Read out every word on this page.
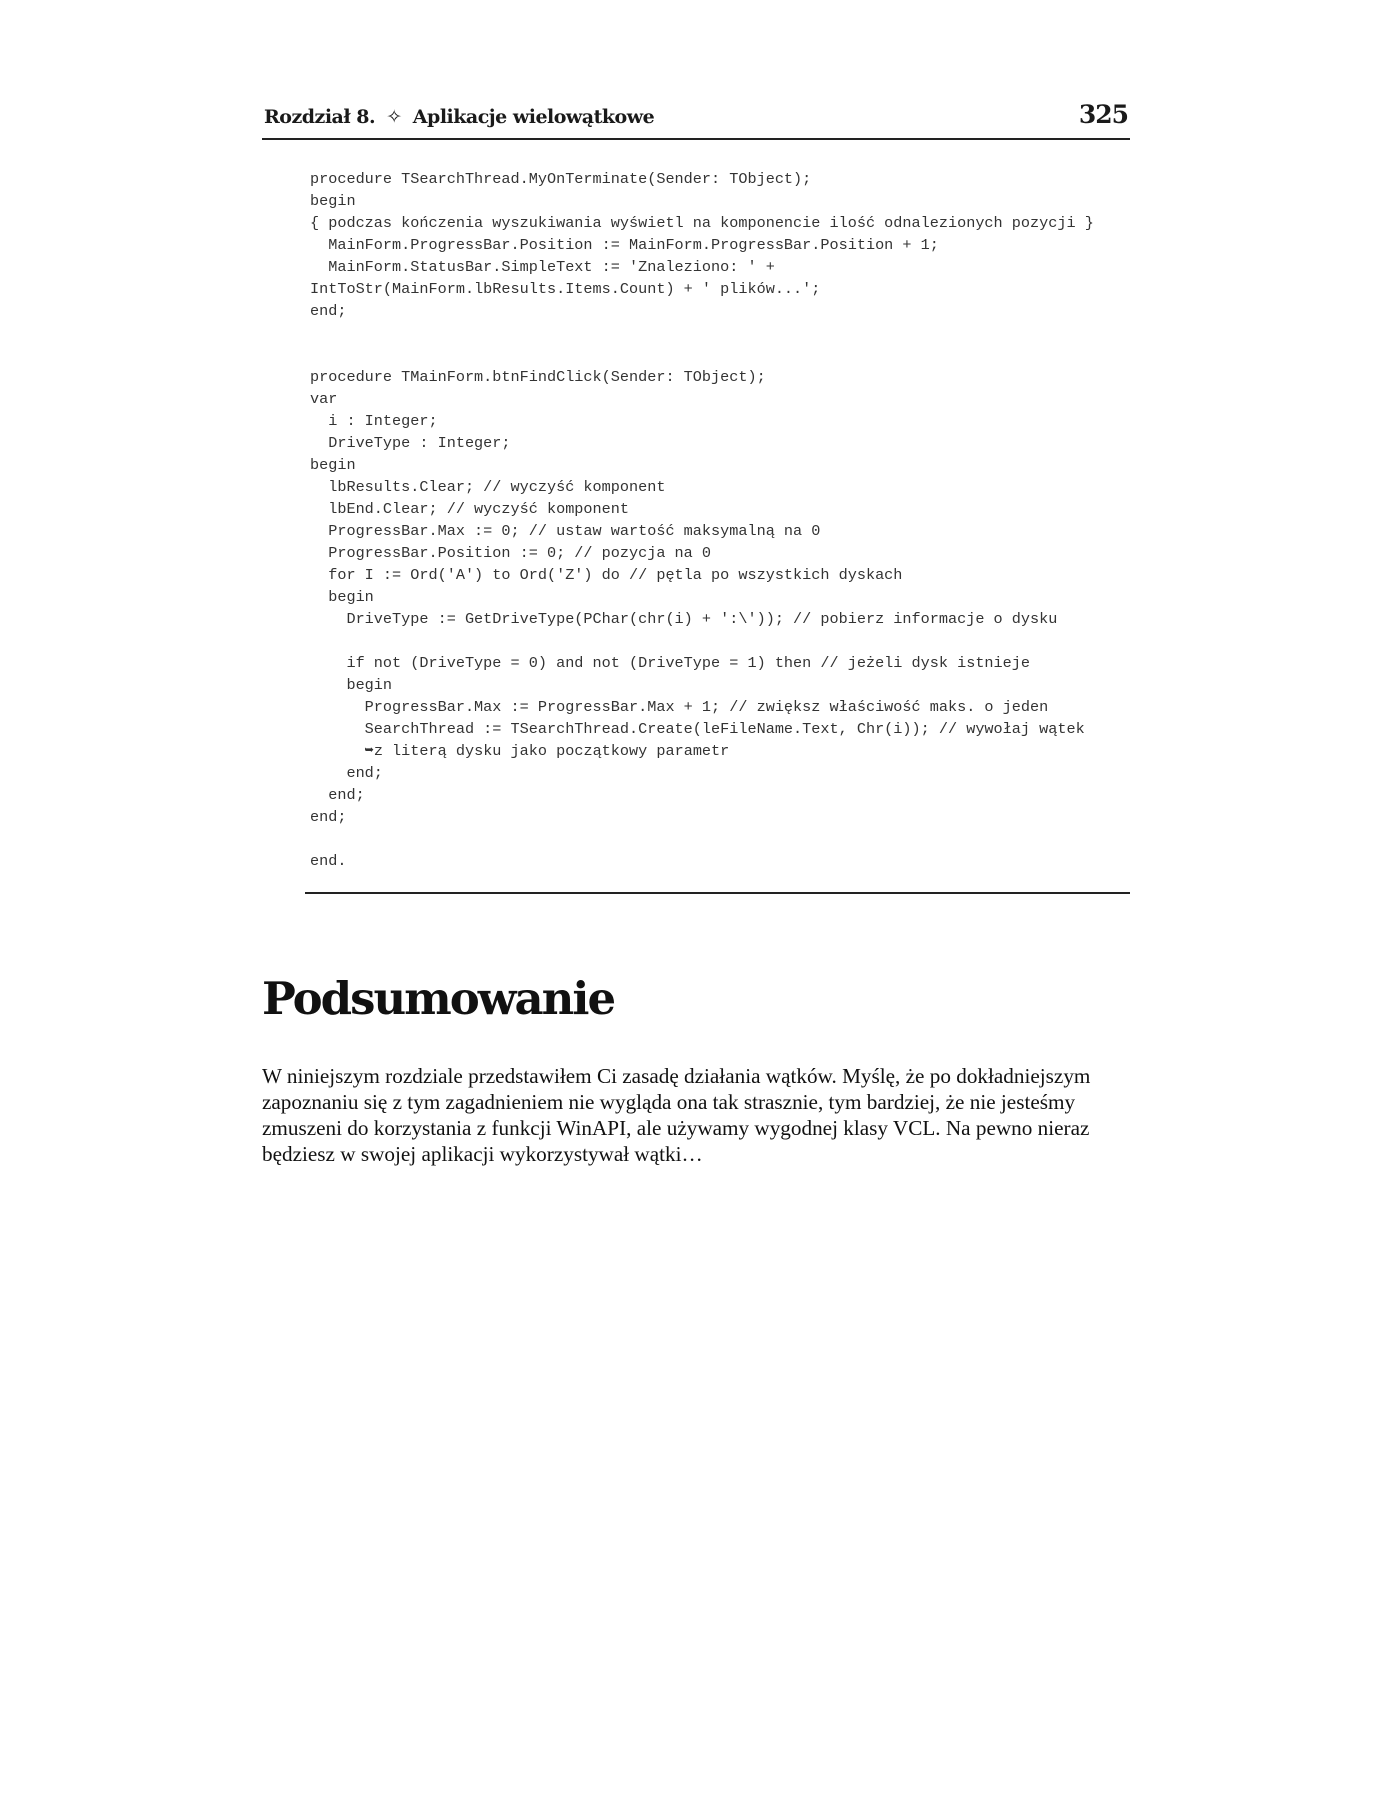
Rozdział 8. ✧ Aplikacje wielowątkowe	325
procedure TSearchThread.MyOnTerminate(Sender: TObject);
begin
{ podczas kończenia wyszukiwania wyświetl na komponencie ilość odnalezionych pozycji }
MainForm.ProgressBar.Position := MainForm.ProgressBar.Position + 1;
MainForm.StatusBar.SimpleText := 'Znaleziono: ' +
IntToStr(MainForm.lbResults.Items.Count) + ' plików...';
end;
procedure TMainForm.btnFindClick(Sender: TObject);
var
i : Integer;
DriveType : Integer;
begin
lbResults.Clear; // wyczyść komponent
lbEnd.Clear; // wyczyść komponent
ProgressBar.Max := 0; // ustaw wartość maksymalną na 0
ProgressBar.Position := 0; // pozycja na 0
for I := Ord('A') to Ord('Z') do // pętla po wszystkich dyskach
begin
DriveType := GetDriveType(PChar(chr(i) + ':\')); // pobierz informacje o dysku
if not (DriveType = 0) and not (DriveType = 1) then // jeżeli dysk istnieje
begin
ProgressBar.Max := ProgressBar.Max + 1; // zwiększ właściwość maks. o jeden
SearchThread := TSearchThread.Create(leFileName.Text, Chr(i)); // wywołaj wątek
➥z literą dysku jako początkowy parametr
end;
end;
end;
end.
Podsumowanie

W niniejszym rozdziale przedstawiłem Ci zasadę działania wątków. Myślę, że po dokładniejszym zapoznaniu się z tym zagadnieniem nie wygląda ona tak strasznie, tym bardziej, że nie jesteśmy zmuszeni do korzystania z funkcji WinAPI, ale używamy wygodnej klasy VCL. Na pewno nieraz będziesz w swojej aplikacji wykorzystywał wątki…
